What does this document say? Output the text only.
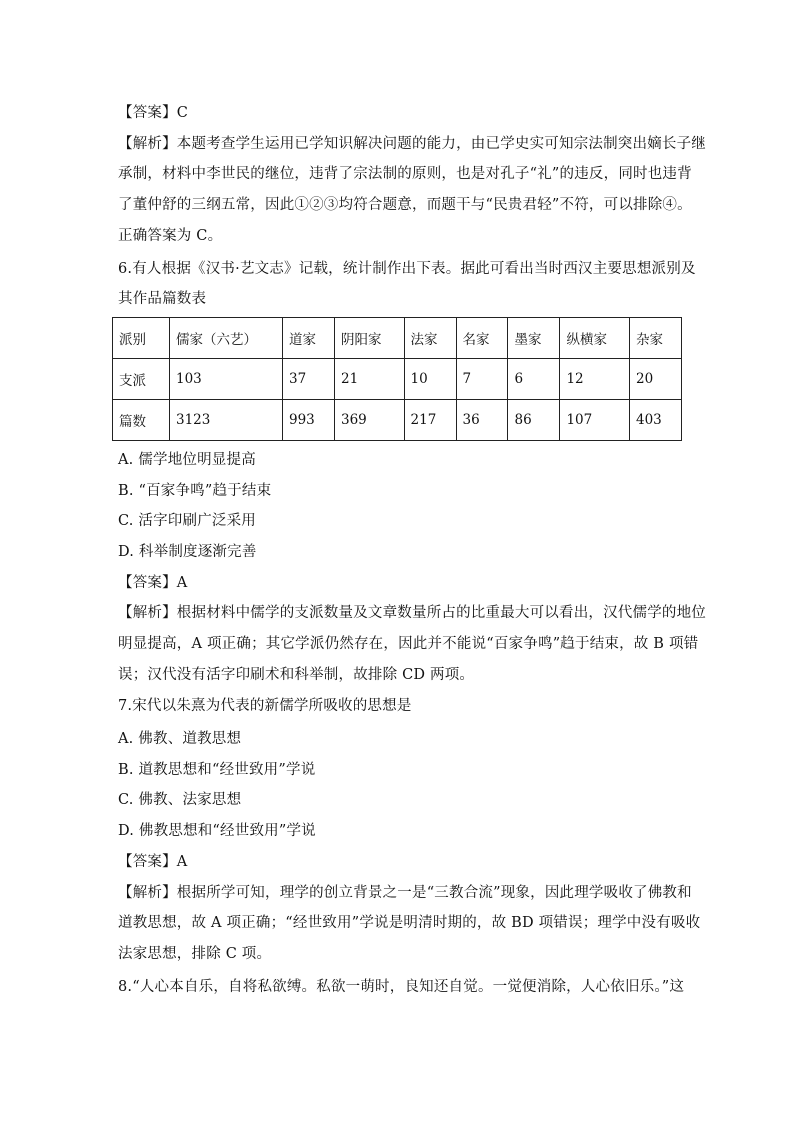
【答案】C
【解析】本题考查学生运用已学知识解决问题的能力，由已学史实可知宗法制突出嫡长子继
承制，材料中李世民的继位，违背了宗法制的原则，也是对孔子“礼”的违反，同时也违背
了董仲舒的三纲五常，因此①②③均符合题意，而题干与“民贵君轻”不符，可以排除④。
正确答案为 C。
6.有人根据《汉书·艺文志》记载，统计制作出下表。据此可看出当时西汉主要思想派别及
其作品篇数表
派别	儒家（六艺）	道家	阴阳家	法家	名家	墨家	纵横家	杂家
支派	103	37	21	10	7	6	12	20
篇数	3123	993	369	217	36	86	107	403
A. 儒学地位明显提高
B. “百家争鸣”趋于结束
C. 活字印刷广泛采用
D. 科举制度逐渐完善
【答案】A
【解析】根据材料中儒学的支派数量及文章数量所占的比重最大可以看出，汉代儒学的地位
明显提高，A 项正确；其它学派仍然存在，因此并不能说“百家争鸣”趋于结束，故 B 项错
误；汉代没有活字印刷术和科举制，故排除 CD 两项。
7.宋代以朱熹为代表的新儒学所吸收的思想是
A. 佛教、道教思想
B. 道教思想和“经世致用”学说
C. 佛教、法家思想
D. 佛教思想和“经世致用”学说
【答案】A
【解析】根据所学可知，理学的创立背景之一是“三教合流”现象，因此理学吸收了佛教和
道教思想，故 A 项正确；“经世致用”学说是明清时期的，故 BD 项错误；理学中没有吸收
法家思想，排除 C 项。
8.“人心本自乐，自将私欲缚。私欲一萌时，良知还自觉。一觉便消除，人心依旧乐。”这
